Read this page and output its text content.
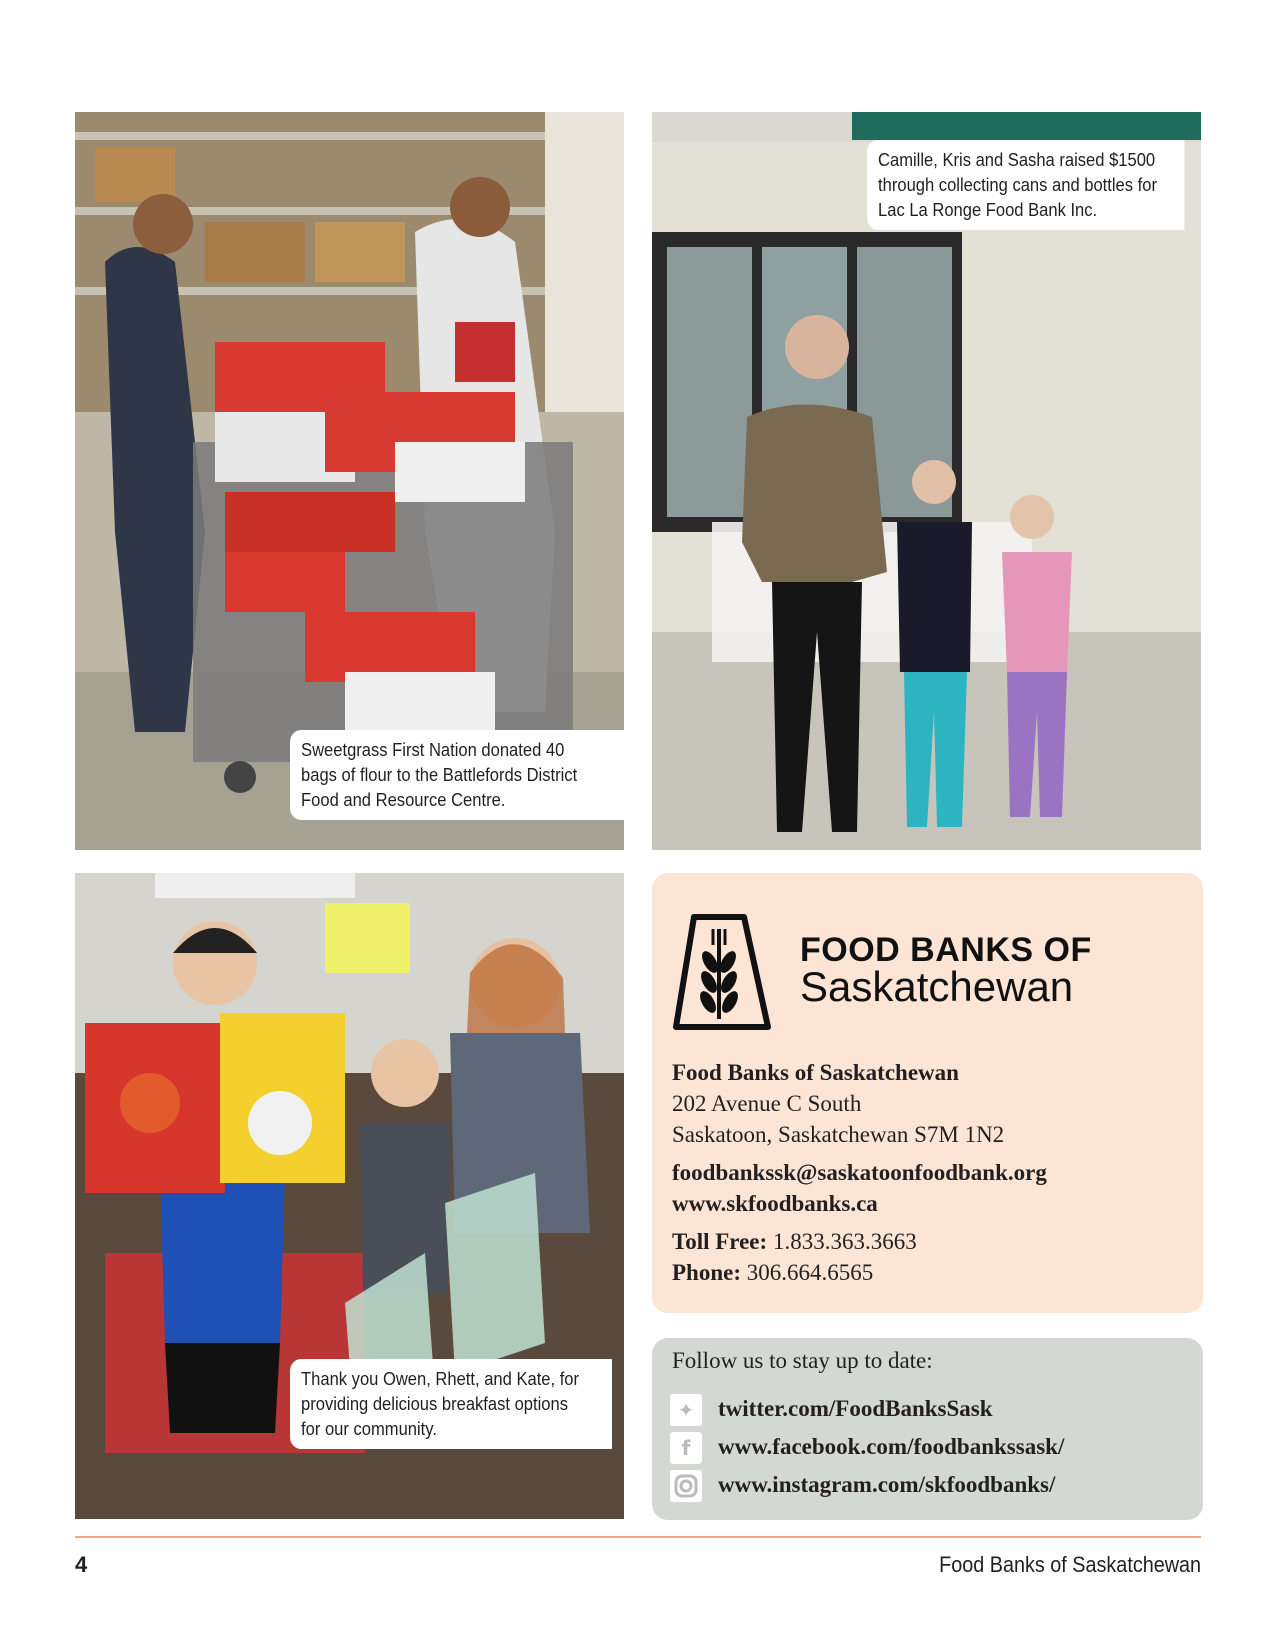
Sweetgrass First Nation donated 40
bags of flour to the Battlefords District
Food and Resource Centre.
Camille, Kris and Sasha raised $1500
through collecting cans and bottles for
Lac La Ronge Food Bank Inc.
Thank you Owen, Rhett, and Kate, for
providing delicious breakfast options
for our community.
FOOD BANKS OF
Saskatchewan
Food Banks of Saskatchewan
202 Avenue C South
Saskatoon, Saskatchewan S7M 1N2
foodbankssk@saskatoonfoodbank.org
www.skfoodbanks.ca
Toll Free: 1.833.363.3663
Phone: 306.664.6565
Follow us to stay up to date:
✦	twitter.com/FoodBanksSask
f	www.facebook.com/foodbankssask/
www.instagram.com/skfoodbanks/
4	Food Banks of Saskatchewan
